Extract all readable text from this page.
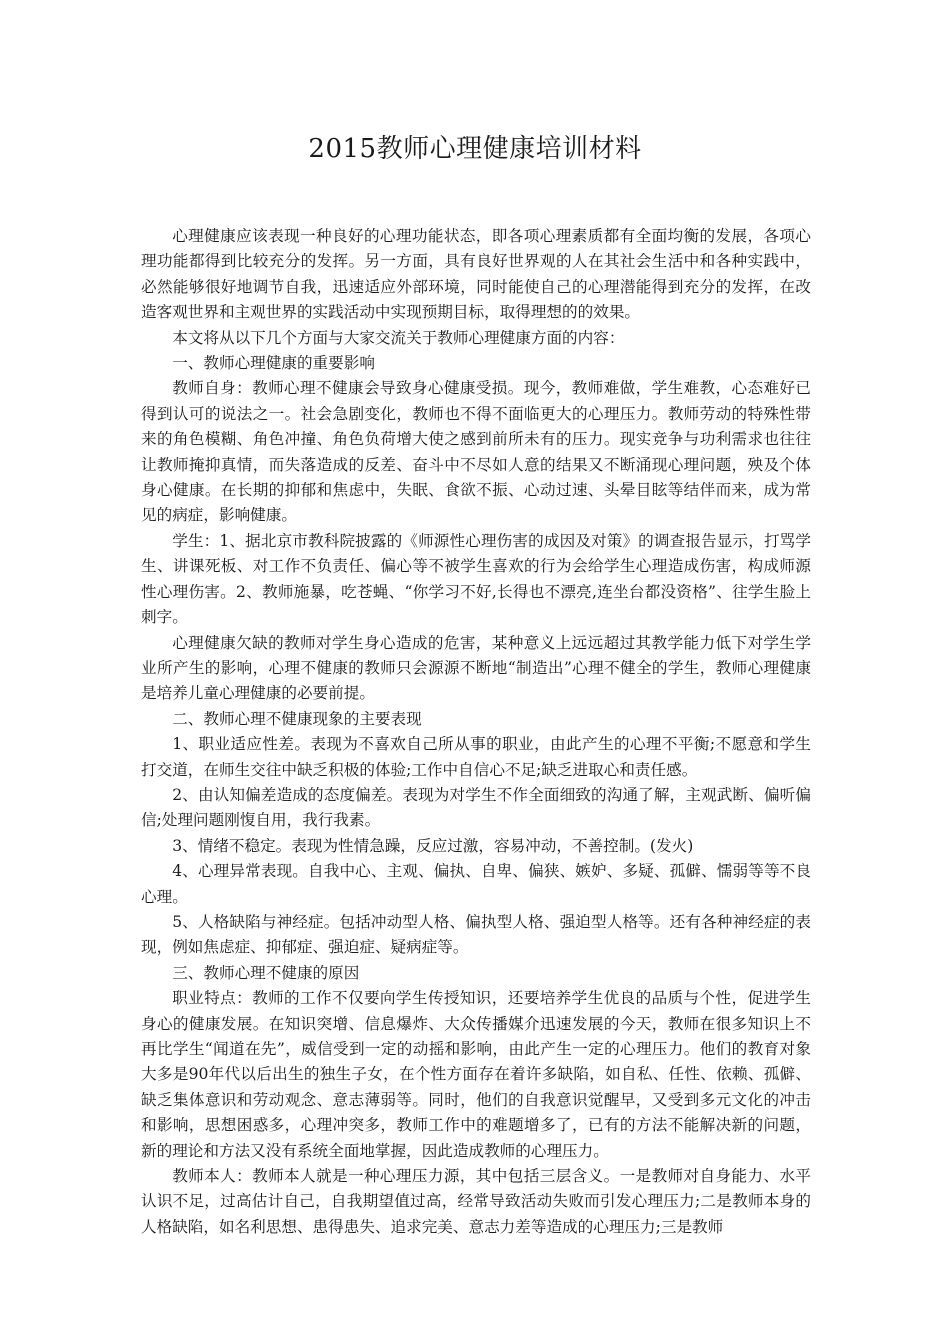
2015教师心理健康培训材料

心理健康应该表现一种良好的心理功能状态，即各项心理素质都有全面均衡的发展，各项心理功能都得到比较充分的发挥。另一方面，具有良好世界观的人在其社会生活中和各种实践中，必然能够很好地调节自我，迅速适应外部环境，同时能使自己的心理潜能得到充分的发挥，在改造客观世界和主观世界的实践活动中实现预期目标，取得理想的的效果。

本文将从以下几个方面与大家交流关于教师心理健康方面的内容：

一、教师心理健康的重要影响

教师自身：教师心理不健康会导致身心健康受损。现今，教师难做，学生难教，心态难好已得到认可的说法之一。社会急剧变化，教师也不得不面临更大的心理压力。教师劳动的特殊性带来的角色模糊、角色冲撞、角色负荷增大使之感到前所未有的压力。现实竞争与功利需求也往往让教师掩抑真情，而失落造成的反差、奋斗中不尽如人意的结果又不断涌现心理问题，殃及个体身心健康。在长期的抑郁和焦虑中，失眠、食欲不振、心动过速、头晕目眩等结伴而来，成为常见的病症，影响健康。

学生：1、据北京市教科院披露的《师源性心理伤害的成因及对策》的调查报告显示，打骂学生、讲课死板、对工作不负责任、偏心等不被学生喜欢的行为会给学生心理造成伤害，构成师源性心理伤害。2、教师施暴，吃苍蝇、“你学习不好,长得也不漂亮,连坐台都没资格”、往学生脸上刺字。

心理健康欠缺的教师对学生身心造成的危害，某种意义上远远超过其教学能力低下对学生学业所产生的影响，心理不健康的教师只会源源不断地“制造出”心理不健全的学生，教师心理健康是培养儿童心理健康的必要前提。

二、教师心理不健康现象的主要表现

1、职业适应性差。表现为不喜欢自己所从事的职业，由此产生的心理不平衡;不愿意和学生打交道，在师生交往中缺乏积极的体验;工作中自信心不足;缺乏进取心和责任感。

2、由认知偏差造成的态度偏差。表现为对学生不作全面细致的沟通了解，主观武断、偏听偏信;处理问题刚愎自用，我行我素。

3、情绪不稳定。表现为性情急躁，反应过激，容易冲动，不善控制。(发火)

4、心理异常表现。自我中心、主观、偏执、自卑、偏狭、嫉妒、多疑、孤僻、懦弱等等不良心理。

5、人格缺陷与神经症。包括冲动型人格、偏执型人格、强迫型人格等。还有各种神经症的表现，例如焦虑症、抑郁症、强迫症、疑病症等。

三、教师心理不健康的原因

职业特点：教师的工作不仅要向学生传授知识，还要培养学生优良的品质与个性，促进学生身心的健康发展。在知识突增、信息爆炸、大众传播媒介迅速发展的今天，教师在很多知识上不再比学生“闻道在先”，威信受到一定的动摇和影响，由此产生一定的心理压力。他们的教育对象大多是90年代以后出生的独生子女，在个性方面存在着许多缺陷，如自私、任性、依赖、孤僻、缺乏集体意识和劳动观念、意志薄弱等。同时，他们的自我意识觉醒早，又受到多元文化的冲击和影响，思想困惑多，心理冲突多，教师工作中的难题增多了，已有的方法不能解决新的问题，新的理论和方法又没有系统全面地掌握，因此造成教师的心理压力。

教师本人：教师本人就是一种心理压力源，其中包括三层含义。一是教师对自身能力、水平认识不足，过高估计自己，自我期望值过高，经常导致活动失败而引发心理压力;二是教师本身的人格缺陷，如名利思想、患得患失、追求完美、意志力差等造成的心理压力;三是教师
